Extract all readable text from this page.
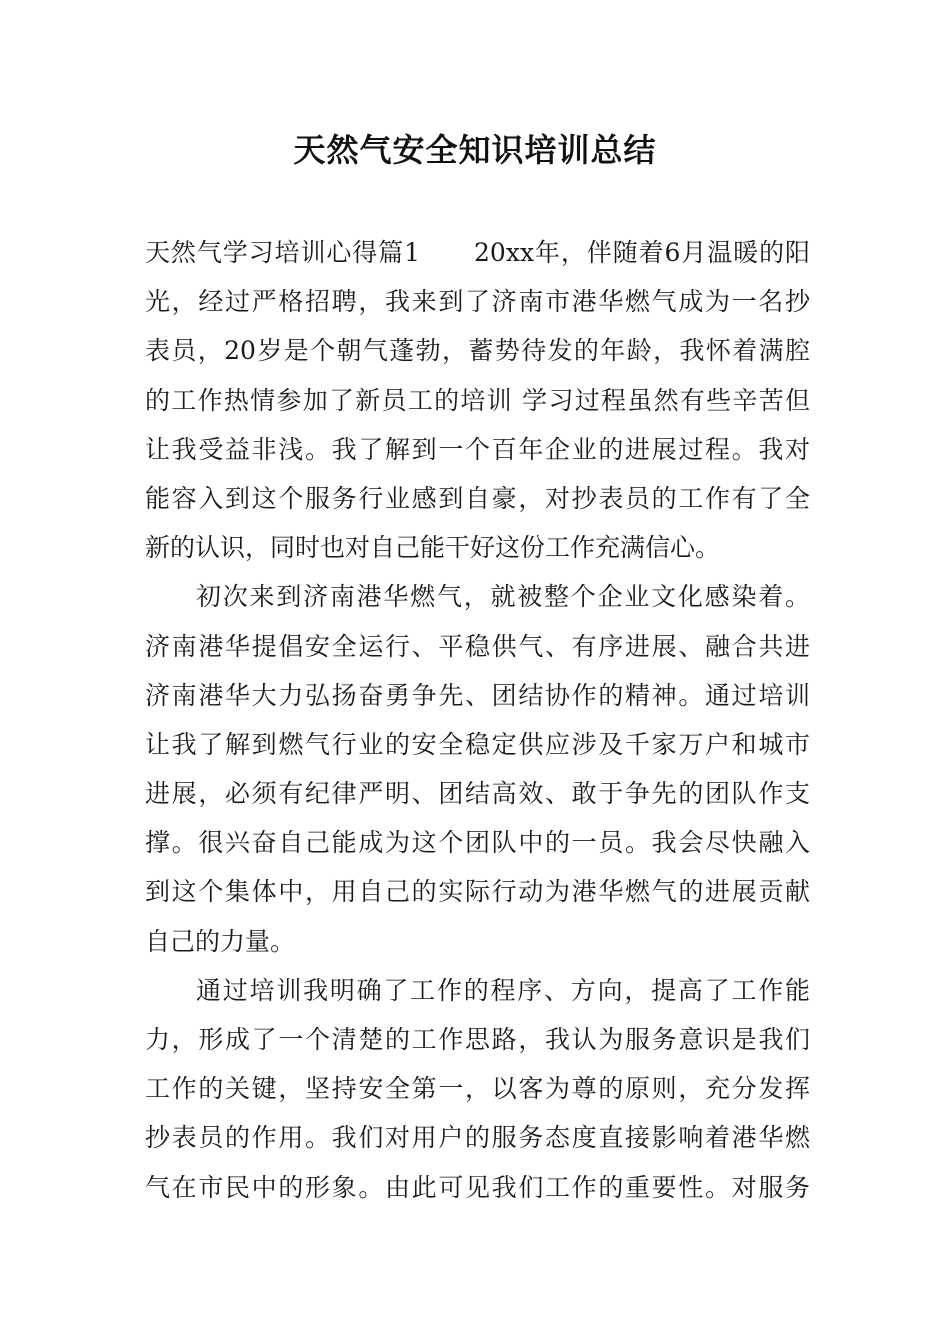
天然气安全知识培训总结
天然气学习培训心得篇1 20xx年，伴随着6月温暖的阳
光，经过严格招聘，我来到了济南市港华燃气成为一名抄
表员，20岁是个朝气蓬勃，蓄势待发的年龄，我怀着满腔
的工作热情参加了新员工的培训 学习过程虽然有些辛苦但
让我受益非浅。我了解到一个百年企业的进展过程。我对
能容入到这个服务行业感到自豪，对抄表员的工作有了全
新的认识，同时也对自己能干好这份工作充满信心。
初次来到济南港华燃气，就被整个企业文化感染着。
济南港华提倡安全运行、平稳供气、有序进展、融合共进
济南港华大力弘扬奋勇争先、团结协作的精神。通过培训
让我了解到燃气行业的安全稳定供应涉及千家万户和城市
进展，必须有纪律严明、团结高效、敢于争先的团队作支
撑。很兴奋自己能成为这个团队中的一员。我会尽快融入
到这个集体中，用自己的实际行动为港华燃气的进展贡献
自己的力量。
通过培训我明确了工作的程序、方向，提高了工作能
力，形成了一个清楚的工作思路，我认为服务意识是我们
工作的关键，坚持安全第一，以客为尊的原则，充分发挥
抄表员的作用。我们对用户的服务态度直接影响着港华燃
气在市民中的形象。由此可见我们工作的重要性。对服务
